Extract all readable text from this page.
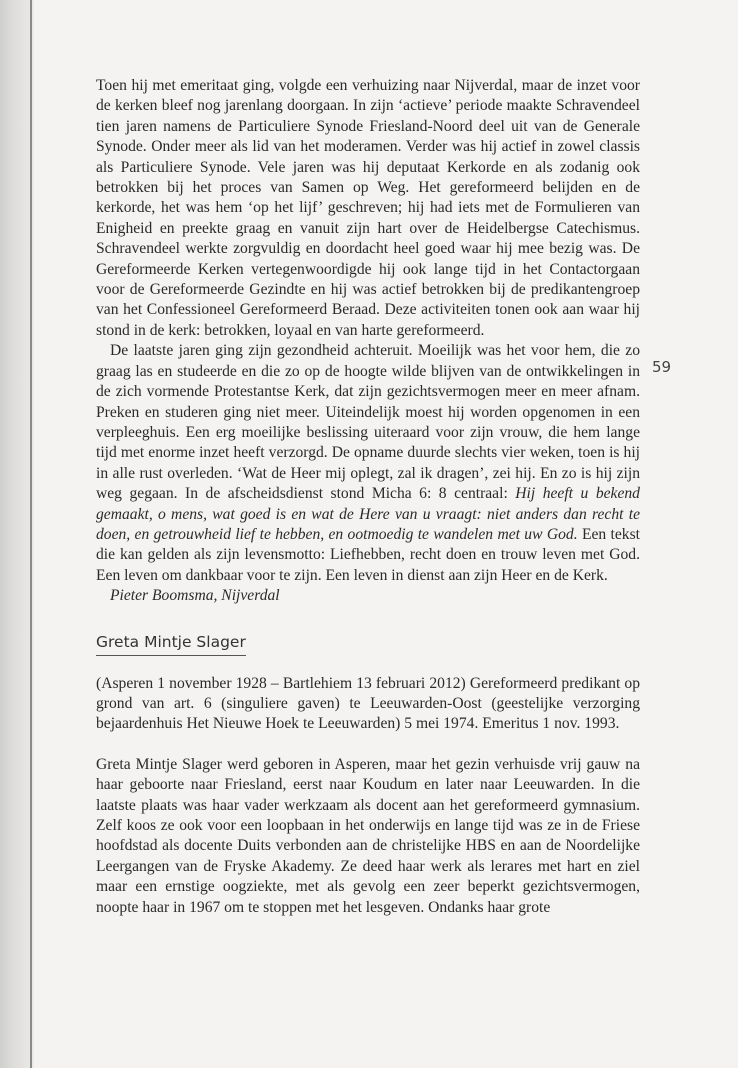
59

Toen hij met emeritaat ging, volgde een verhuizing naar Nijverdal, maar de inzet voor de kerken bleef nog jarenlang doorgaan. In zijn ‘actieve’ periode maakte Schravendeel tien jaren namens de Particuliere Synode Friesland-Noord deel uit van de Generale Synode. Onder meer als lid van het moderamen. Verder was hij actief in zowel classis als Particuliere Synode. Vele jaren was hij deputaat Kerkorde en als zodanig ook betrokken bij het proces van Samen op Weg. Het gereformeerd belijden en de kerkorde, het was hem ‘op het lijf’ geschreven; hij had iets met de Formulieren van Enigheid en preekte graag en vanuit zijn hart over de Heidelbergse Catechismus. Schravendeel werkte zorgvuldig en doordacht heel goed waar hij mee bezig was. De Gereformeerde Kerken vertegenwoordigde hij ook lange tijd in het Contactorgaan voor de Gereformeerde Gezindte en hij was actief betrokken bij de predikantengroep van het Confessioneel Gereformeerd Beraad. Deze activiteiten tonen ook aan waar hij stond in de kerk: betrokken, loyaal en van harte gereformeerd.

De laatste jaren ging zijn gezondheid achteruit. Moeilijk was het voor hem, die zo graag las en studeerde en die zo op de hoogte wilde blijven van de ontwikkelingen in de zich vormende Protestantse Kerk, dat zijn gezichtsvermogen meer en meer afnam. Preken en studeren ging niet meer. Uiteindelijk moest hij worden opgenomen in een verpleeghuis. Een erg moeilijke beslissing uiteraard voor zijn vrouw, die hem lange tijd met enorme inzet heeft verzorgd. De opname duurde slechts vier weken, toen is hij in alle rust overleden. ‘Wat de Heer mij oplegt, zal ik dragen’, zei hij. En zo is hij zijn weg gegaan. In de afscheidsdienst stond Micha 6: 8 centraal: Hij heeft u bekend gemaakt, o mens, wat goed is en wat de Here van u vraagt: niet anders dan recht te doen, en getrouwheid lief te hebben, en ootmoedig te wandelen met uw God. Een tekst die kan gelden als zijn levensmotto: Liefhebben, recht doen en trouw leven met God. Een leven om dankbaar voor te zijn. Een leven in dienst aan zijn Heer en de Kerk.

Pieter Boomsma, Nijverdal

Greta Mintje Slager

(Asperen 1 november 1928 – Bartlehiem 13 februari 2012) Gereformeerd predikant op grond van art. 6 (singuliere gaven) te Leeuwarden-Oost (geestelijke verzorging bejaardenhuis Het Nieuwe Hoek te Leeuwarden) 5 mei 1974. Emeritus 1 nov. 1993.

Greta Mintje Slager werd geboren in Asperen, maar het gezin verhuisde vrij gauw na haar geboorte naar Friesland, eerst naar Koudum en later naar Leeuwarden. In die laatste plaats was haar vader werkzaam als docent aan het gereformeerd gymnasium. Zelf koos ze ook voor een loopbaan in het onderwijs en lange tijd was ze in de Friese hoofdstad als docente Duits verbonden aan de christelijke HBS en aan de Noordelijke Leergangen van de Fryske Akademy. Ze deed haar werk als lerares met hart en ziel maar een ernstige oogziekte, met als gevolg een zeer beperkt gezichtsvermogen, noopte haar in 1967 om te stoppen met het lesgeven. Ondanks haar grote
